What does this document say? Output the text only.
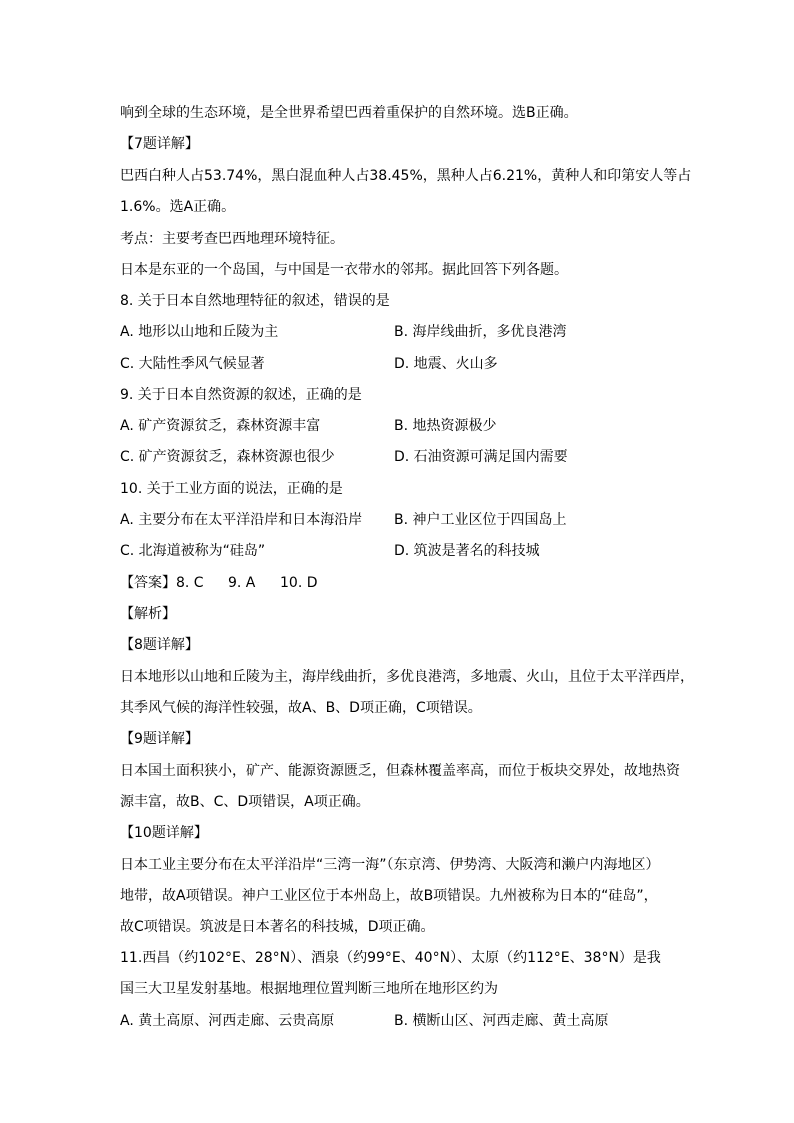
响到全球的生态环境，是全世界希望巴西着重保护的自然环境。选B正确。
【7题详解】
巴西白种人占53.74%，黑白混血种人占38.45%，黑种人占6.21%，黄种人和印第安人等占
1.6%。选A正确。
考点：主要考查巴西地理环境特征。
日本是东亚的一个岛国，与中国是一衣带水的邻邦。据此回答下列各题。
8. 关于日本自然地理特征的叙述，错误的是
A. 地形以山地和丘陵为主	B. 海岸线曲折，多优良港湾
C. 大陆性季风气候显著	D. 地震、火山多
9. 关于日本自然资源的叙述，正确的是
A. 矿产资源贫乏，森林资源丰富	B. 地热资源极少
C. 矿产资源贫乏，森林资源也很少	D. 石油资源可满足国内需要
10. 关于工业方面的说法，正确的是
A. 主要分布在太平洋沿岸和日本海沿岸 B. 神户工业区位于四国岛上
C. 北海道被称为“硅岛”	D. 筑波是著名的科技城
【答案】8. C 9. A 10. D
【解析】
【8题详解】
日本地形以山地和丘陵为主，海岸线曲折，多优良港湾，多地震、火山，且位于太平洋西岸，
其季风气候的海洋性较强，故A、B、D项正确，C项错误。
【9题详解】
日本国土面积狭小，矿产、能源资源匮乏，但森林覆盖率高，而位于板块交界处，故地热资
源丰富，故B、C、D项错误，A项正确。
【10题详解】
日本工业主要分布在太平洋沿岸“三湾一海”（东京湾、伊势湾、大阪湾和濑户内海地区）
地带，故A项错误。神户工业区位于本州岛上，故B项错误。九州被称为日本的“硅岛”，
故C项错误。筑波是日本著名的科技城，D项正确。
11.西昌（约102°E、28°N）、酒泉（约99°E、40°N）、太原（约112°E、38°N）是我
国三大卫星发射基地。根据地理位置判断三地所在地形区约为
A. 黄土高原、河西走廊、云贵高原	B. 横断山区、河西走廊、黄土高原
